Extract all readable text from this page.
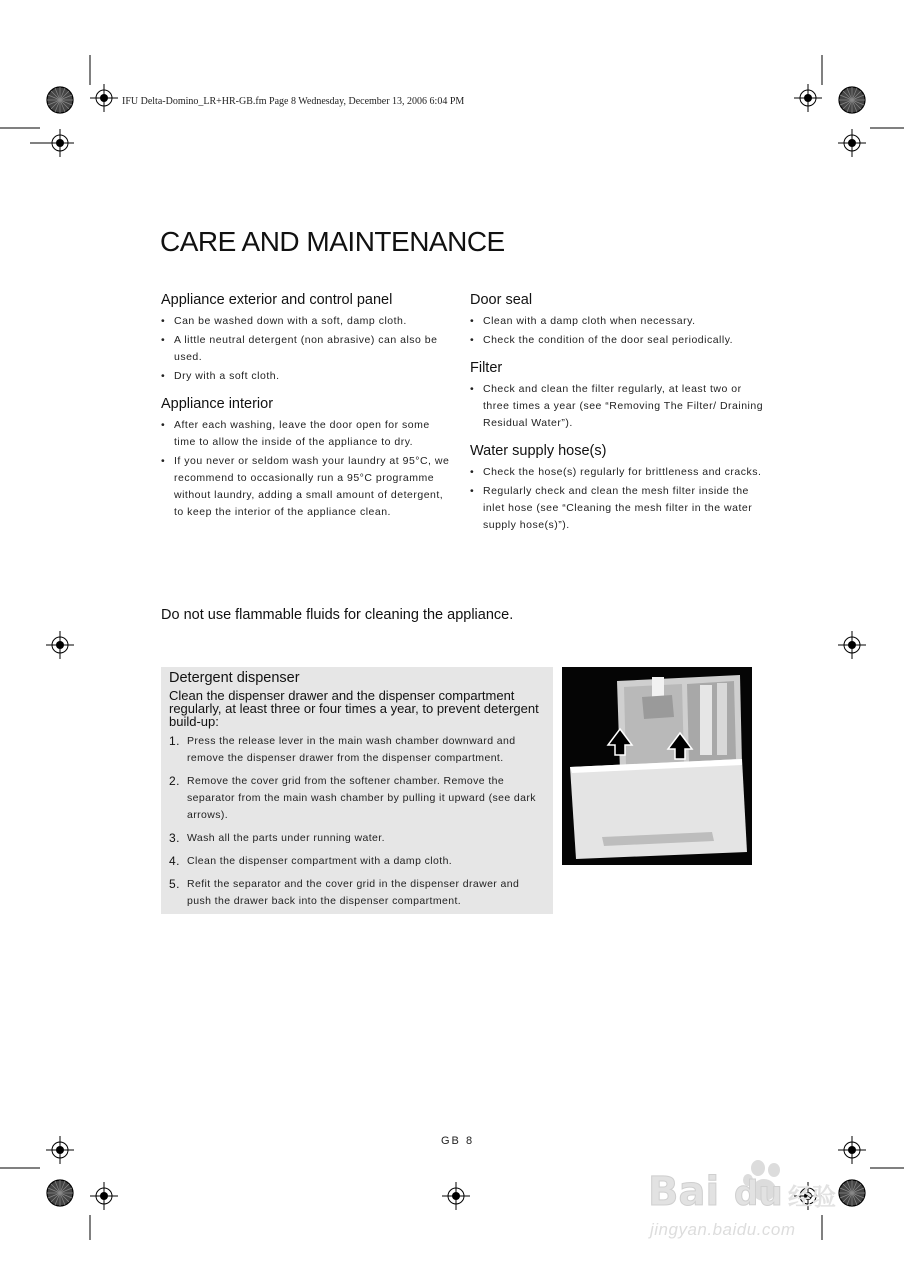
IFU Delta-Domino_LR+HR-GB.fm Page 8 Wednesday, December 13, 2006 6:04 PM
CARE AND MAINTENANCE
Appliance exterior and control panel
• Can be washed down with a soft, damp cloth.
• A little neutral detergent (non abrasive) can also be used.
• Dry with a soft cloth.
Appliance interior
• After each washing, leave the door open for some time to allow the inside of the appliance to dry.
• If you never or seldom wash your laundry at 95°C, we recommend to occasionally run a 95°C programme without laundry, adding a small amount of detergent, to keep the interior of the appliance clean.
Door seal
• Clean with a damp cloth when necessary.
• Check the condition of the door seal periodically.
Filter
• Check and clean the filter regularly, at least two or three times a year (see “Removing The Filter/ Draining Residual Water”).
Water supply hose(s)
• Check the hose(s) regularly for brittleness and cracks.
• Regularly check and clean the mesh filter inside the inlet hose (see “Cleaning the mesh filter in the water supply hose(s)”).
Do not use flammable fluids for cleaning the appliance.
Detergent dispenser
Clean the dispenser drawer and the dispenser compartment regularly, at least three or four times a year, to prevent detergent build-up:
1. Press the release lever in the main wash chamber downward and remove the dispenser drawer from the dispenser compartment.
2. Remove the cover grid from the softener chamber. Remove the separator from the main wash chamber by pulling it upward (see dark arrows).
3. Wash all the parts under running water.
4. Clean the dispenser compartment with a damp cloth.
5. Refit the separator and the cover grid in the dispenser drawer and push the drawer back into the dispenser compartment.
GB 8
Bai du 经验
jingyan.baidu.com
